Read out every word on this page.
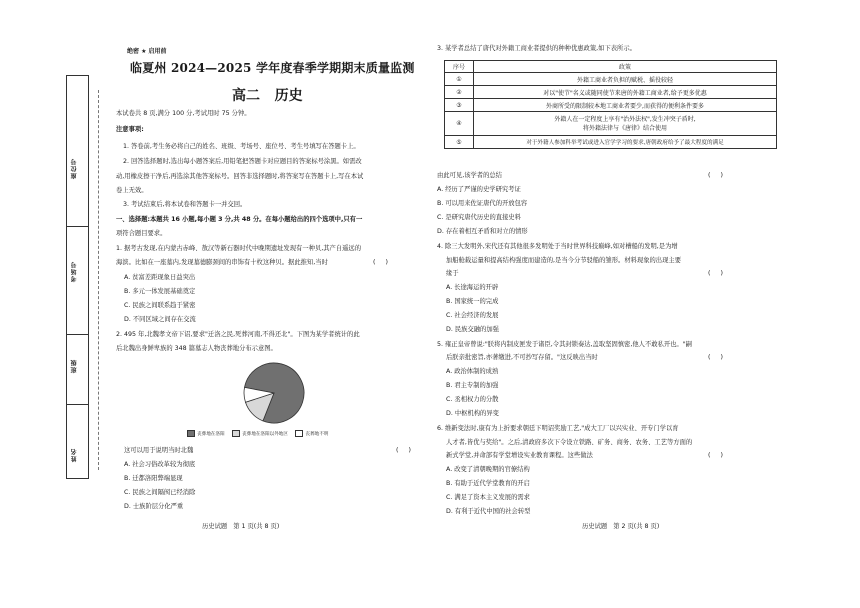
座位号
考场号
班级
姓名
绝密 ★ 启用前
临夏州 2024—2025 学年度春季学期期末质量监测
高二   历史
本试卷共 8 页,满分 100 分,考试用时 75 分钟。
注意事项:
1. 答卷前,考生务必将自己的姓名、班级、考场号、座位号、考生号填写在答题卡上。
2. 回答选择题时,选出每小题答案后,用铅笔把答题卡对应题目的答案标号涂黑。如需改
动,用橡皮擦干净后,再选涂其他答案标号。回答非选择题时,将答案写在答题卡上,写在本试
卷上无效。
3. 考试结束后,将本试卷和答题卡一并交回。
一、选择题:本题共 16 小题,每小题 3 分,共 48 分。在每小题给出的四个选项中,只有一
项符合题目要求。
1. 据考古发现,在内蒙古赤峰、敖汉等新石器时代中晚期遗址发现有一种贝,其产自遥远的
海滨。比如在一座墓内,发现墓德膨颈间的串饰有十枚这种贝。据此推知,当时	(     )
A. 贫富差距现象日益突出
B. 多元一体发展基础奠定
C. 民族之间联系趋于紧密
D. 不同区域之间存在交流
2. 495 年,北魏孝文帝下诏,要求"迁洛之民,死葬河南,不得还北"。下图为某学者统计的此
后北魏出身鲜卑族的 348 篇墓志人物丧葬地分布示意图。
丧葬地在洛阳	丧葬地在洛阳以外地区	丧葬地不明
这可以用于说明当时北魏	(     )
A. 社会习俗改革较为彻底
B. 迁都洛阳弊端显现
C. 民族之间隔阂已经消除
D. 士族阶层分化严重
历史试题   第 1 页(共 8 页)
3. 某学者总结了唐代对外籍工商业者提供的种种优惠政策,如下表所示。
序号	政策
①	外籍工商业者负担的赋税、摇役较轻
②	对以"使节"名义或随同使节来唐的外籍工商业者,给予更多优惠
③	外商所受的限制较本地工商业者要少,而获得的便利条件要多
④	外籍人在一定程度上享有"治外法权",发生冲突子盾时,
将外籍法律与《唐律》结合使用

⑤	对于外籍人参加科举考试或进入官学学习的要求,唐朝政府给予了最大程度的满足
由此可见,该学者的总结	(     )
A. 经历了严谨的史学研究考证
B. 可以用来佐证唐代的开放包容
C. 是研究唐代历史的直接史料
D. 存在着相互矛盾和对立的情形
4. 除三大发明外,宋代还有其他很多发明处于当时世界科技巅峰,如对槽船的发明,是为增
加船舱载运量和提高结构强度而建造的,是当今分节驳船的雏形。材料现象的出现主要
缘于	(     )
A. 长途海运的开辟
B. 国家统一的完成
C. 社会经济的发展
D. 民族交融的加强
5. 雍正皇帝曾说:"朕将内制皮匣发于诸臣,令其封锁奏达,盖取坚固慎密,他人不敢私开也。"嗣
后朕亲批密旨,亦著缴进,不可抄写存留。"这反映出当时	(     )
A. 政治体制的成熟
B. 君主专制的加强
C. 丞相权力的分散
D. 中枢机构的异变
6. 维新变法时,康有为上折要求朝廷下明诏奖励工艺,"成大工厂以兴实业、开专门学以育
人才者,皆优与奖给"。之后,清政府多次下令设立铁路、矿务、商务、农务、工艺等方面的
新式学堂,并命部有学堂增设实业教育课程。这些做法	(     )
A. 改变了清朝晚期的官僚结构
B. 有助于近代学堂教育的开启
C. 满足了资本主义发展的需求
D. 有利于近代中国的社会转型
历史试题   第 2 页(共 8 页)
